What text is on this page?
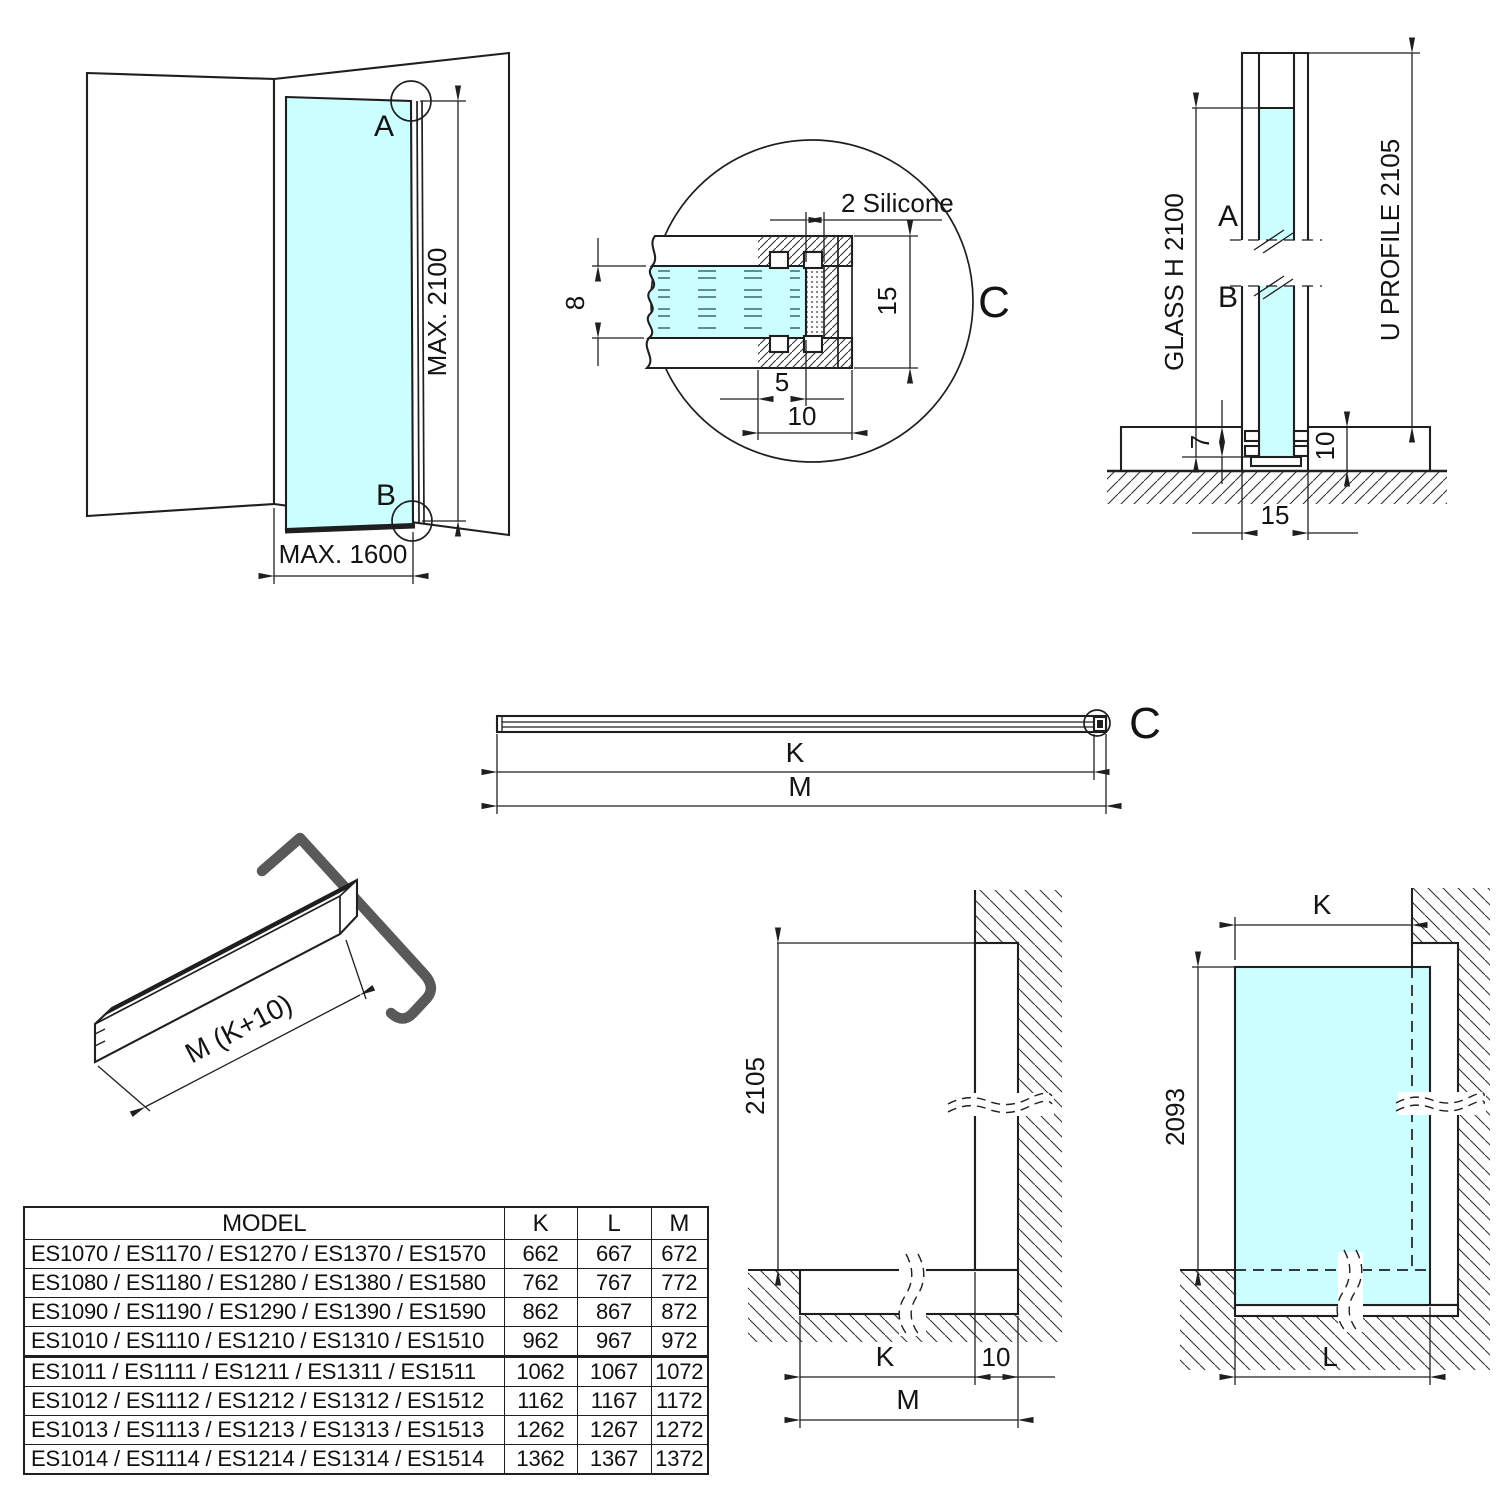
A
B
MAX. 2100
MAX. 1600
8	15
2 Silicone
5
10
C
A
B
GLASS H 2100	U PROFILE 2105
7	10
15
C
K
M
M (K+10)
2105
K	10
M
K
2093
L
MODEL	K	L	M
ES1070 / ES1170 / ES1270 / ES1370 / ES1570	662	667	672
ES1080 / ES1180 / ES1280 / ES1380 / ES1580	762	767	772
ES1090 / ES1190 / ES1290 / ES1390 / ES1590	862	867	872
ES1010 / ES1110 / ES1210 / ES1310 / ES1510	962	967	972
ES1011 / ES1111 / ES1211 / ES1311 / ES1511	1062	1067	1072
ES1012 / ES1112 / ES1212 / ES1312 / ES1512	1162	1167	1172
ES1013 / ES1113 / ES1213 / ES1313 / ES1513	1262	1267	1272
ES1014 / ES1114 / ES1214 / ES1314 / ES1514	1362	1367	1372
